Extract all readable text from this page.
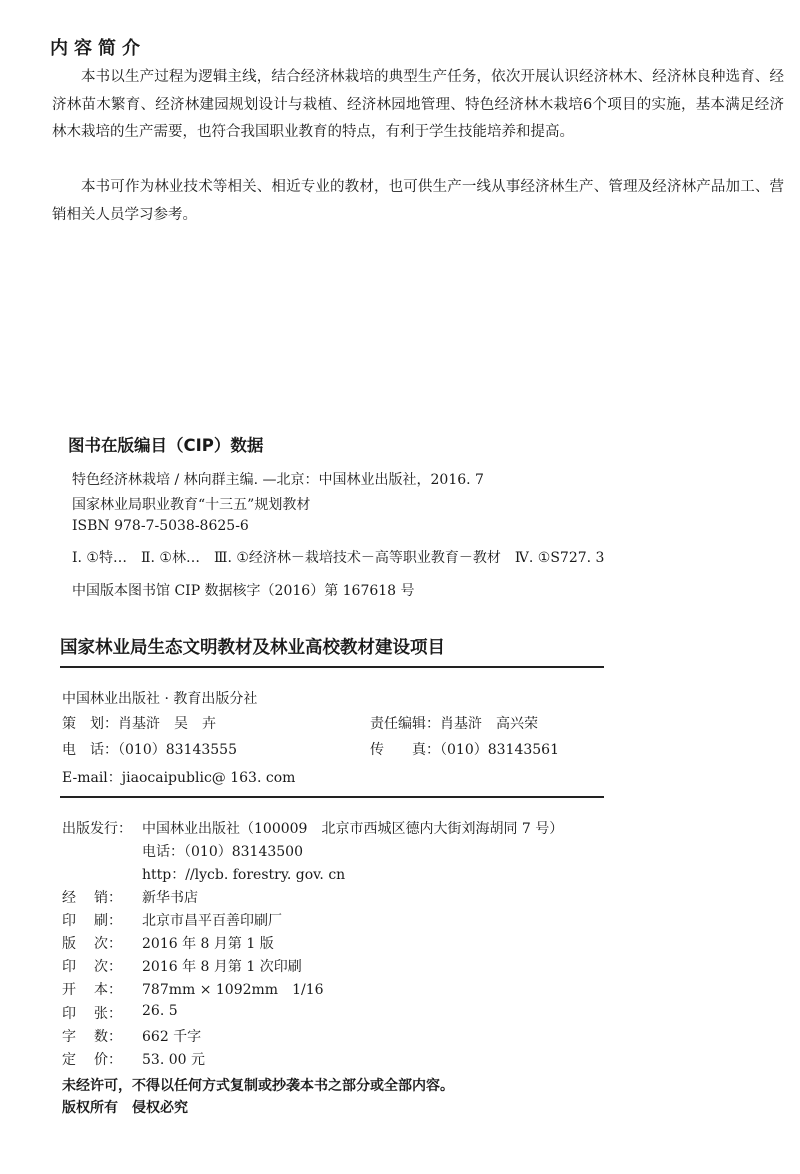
内容简介

本书以生产过程为逻辑主线，结合经济林栽培的典型生产任务，依次开展认识经济林木、经济林良种选育、经济林苗木繁育、经济林建园规划设计与栽植、经济林园地管理、特色经济林木栽培6个项目的实施，基本满足经济林木栽培的生产需要，也符合我国职业教育的特点，有利于学生技能培养和提高。

本书可作为林业技术等相关、相近专业的教材，也可供生产一线从事经济林生产、管理及经济林产品加工、营销相关人员学习参考。

图书在版编目（CIP）数据
特色经济林栽培 / 林向群主编. —北京：中国林业出版社，2016. 7
国家林业局职业教育“十三五”规划教材
ISBN 978-7-5038-8625-6
Ⅰ. ①特…　Ⅱ. ①林…　Ⅲ. ①经济林－栽培技术－高等职业教育－教材　Ⅳ. ①S727. 3
中国版本图书馆 CIP 数据核字（2016）第 167618 号
国家林业局生态文明教材及林业高校教材建设项目
中国林业出版社 · 教育出版分社
策　划：肖基浒　吴　卉	责任编辑：肖基浒　高兴荣
电　话：（010）83143555	传　　真：（010）83143561
E-mail：jiaocaipublic@ 163. com
出版发行： 中国林业出版社（100009　北京市西城区德内大街刘海胡同 7 号）
电话：（010）83143500
http：//lycb. forestry. gov. cn
经 销：	新华书店
印 刷：	北京市昌平百善印刷厂
版 次：	2016 年 8 月第 1 版
印 次：	2016 年 8 月第 1 次印刷
开 本：	787mm × 1092mm　1/16
印 张：	26. 5
字 数：	662 千字
定 价：	53. 00 元
未经许可，不得以任何方式复制或抄袭本书之部分或全部内容。
版权所有　侵权必究
